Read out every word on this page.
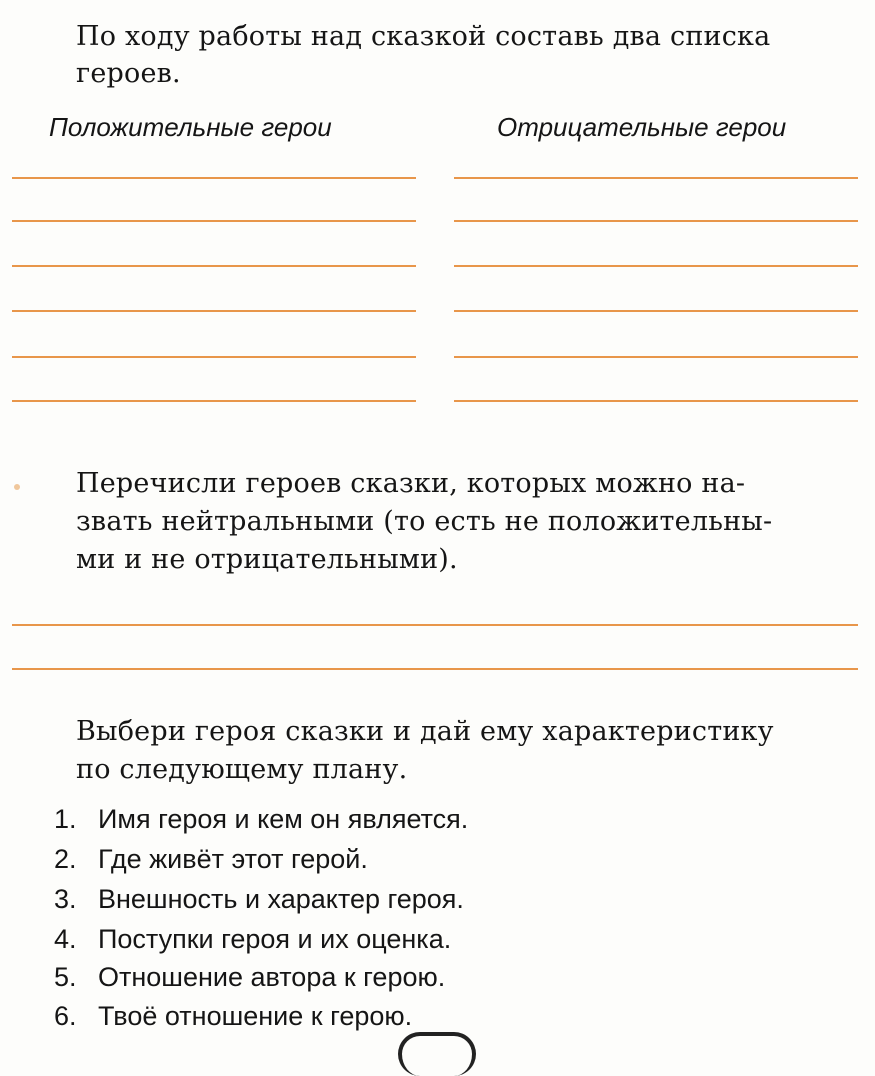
По ходу работы над сказкой составь два списка
героев.
Положительные герои	Отрицательные герои
Перечисли героев сказки, которых можно на-
звать нейтральными (то есть не положительны-
ми и не отрицательными).
Выбери героя сказки и дай ему характеристику
по следующему плану.
1. Имя героя и кем он является.
2. Где живёт этот герой.
3. Внешность и характер героя.
4. Поступки героя и их оценка.
5. Отношение автора к герою.
6. Твоё отношение к герою.
